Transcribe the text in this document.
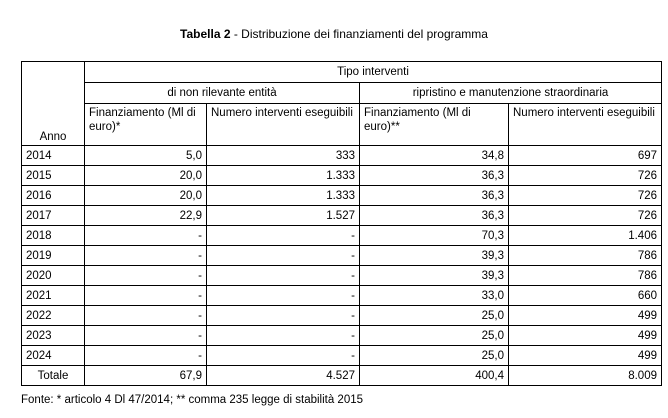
Tabella 2 - Distribuzione dei finanziamenti del programma
Anno	Tipo interventi			
	di non rilevante entità		ripristino e manutenzione straordinaria	
	Finanziamento (Ml di euro)*	Numero interventi eseguibili	Finanziamento (Ml di euro)**	Numero interventi eseguibili
2014	5,0	333	34,8	697
2015	20,0	1.333	36,3	726
2016	20,0	1.333	36,3	726
2017	22,9	1.527	36,3	726
2018	-	-	70,3	1.406
2019	-	-	39,3	786
2020	-	-	39,3	786
2021	-	-	33,0	660
2022	-	-	25,0	499
2023	-	-	25,0	499
2024	-	-	25,0	499
Totale	67,9	4.527	400,4	8.009
Fonte: * articolo 4 Dl 47/2014; ** comma 235 legge di stabilità 2015
